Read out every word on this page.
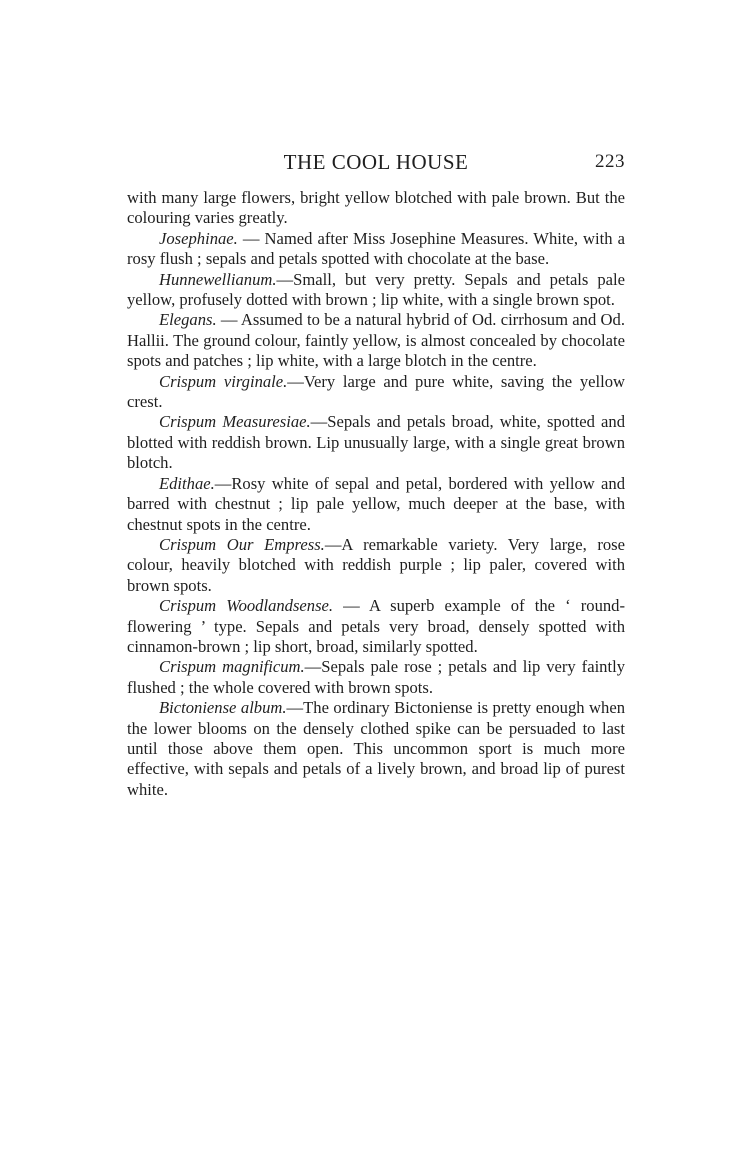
THE COOL HOUSE	223

with many large flowers, bright yellow blotched with pale brown. But the colouring varies greatly.

Josephinae. — Named after Miss Josephine Measures. White, with a rosy flush ; sepals and petals spotted with chocolate at the base.

Hunnewellianum.—Small, but very pretty. Sepals and petals pale yellow, profusely dotted with brown ; lip white, with a single brown spot.

Elegans. — Assumed to be a natural hybrid of Od. cirrhosum and Od. Hallii. The ground colour, faintly yellow, is almost concealed by chocolate spots and patches ; lip white, with a large blotch in the centre.

Crispum virginale.—Very large and pure white, saving the yellow crest.

Crispum Measuresiae.—Sepals and petals broad, white, spotted and blotted with reddish brown. Lip unusually large, with a single great brown blotch.

Edithae.—Rosy white of sepal and petal, bordered with yellow and barred with chestnut ; lip pale yellow, much deeper at the base, with chestnut spots in the centre.

Crispum Our Empress.—A remarkable variety. Very large, rose colour, heavily blotched with reddish purple ; lip paler, covered with brown spots.

Crispum Woodlandsense. — A superb example of the ‘ round-flowering ’ type. Sepals and petals very broad, densely spotted with cinnamon-brown ; lip short, broad, similarly spotted.

Crispum magnificum.—Sepals pale rose ; petals and lip very faintly flushed ; the whole covered with brown spots.

Bictoniense album.—The ordinary Bictoniense is pretty enough when the lower blooms on the densely clothed spike can be persuaded to last until those above them open. This uncommon sport is much more effective, with sepals and petals of a lively brown, and broad lip of purest white.
